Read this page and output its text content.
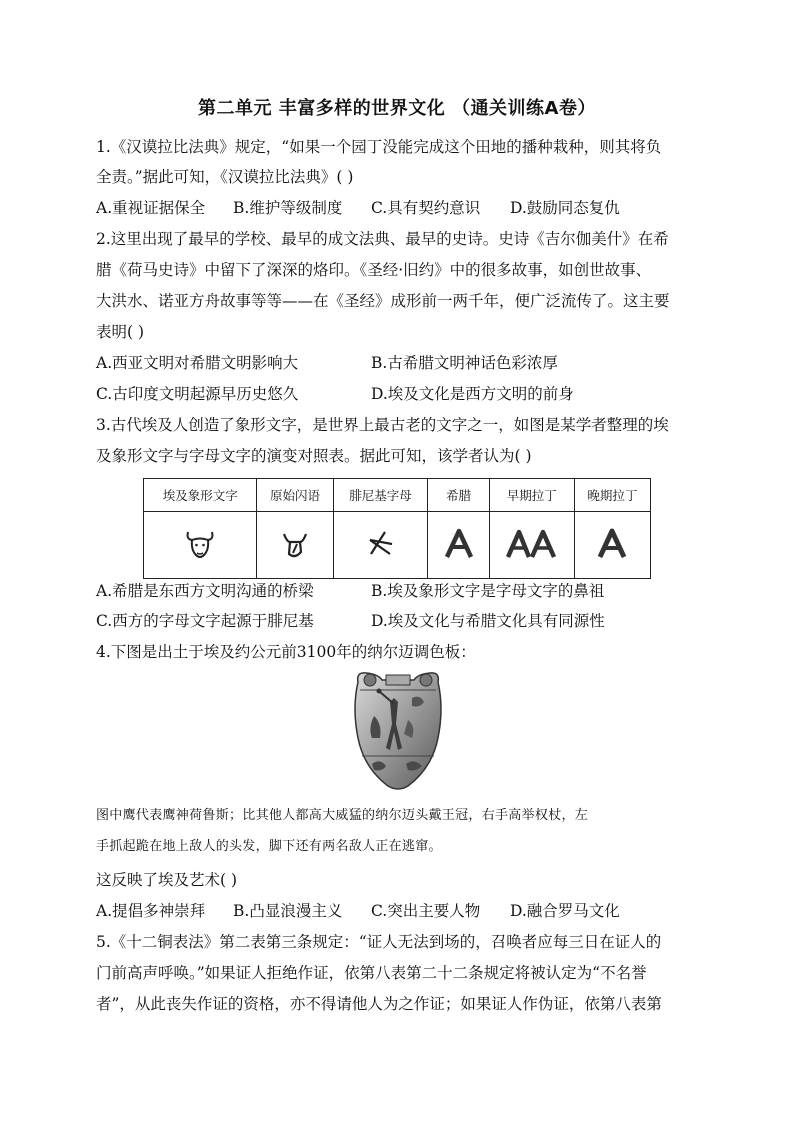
第二单元 丰富多样的世界文化 （通关训练A卷）
1.《汉谟拉比法典》规定，“如果一个园丁没能完成这个田地的播种栽种，则其将负
全责。”据此可知，《汉谟拉比法典》( )
A.重视证据保全 B.维护等级制度 C.具有契约意识 D.鼓励同态复仇
2.这里出现了最早的学校、最早的成文法典、最早的史诗。史诗《吉尔伽美什》在希
腊《荷马史诗》中留下了深深的烙印。《圣经·旧约》中的很多故事，如创世故事、
大洪水、诺亚方舟故事等等——在《圣经》成形前一两千年，便广泛流传了。这主要
表明( )
A.西亚文明对希腊文明影响大	B.古希腊文明神话色彩浓厚
C.古印度文明起源早历史悠久	D.埃及文化是西方文明的前身
3.古代埃及人创造了象形文字，是世界上最古老的文字之一，如图是某学者整理的埃
及象形文字与字母文字的演变对照表。据此可知，该学者认为( )
埃及象形文字	原始闪语	腓尼基字母	希腊	早期拉丁	晚期拉丁

A.希腊是东西方文明沟通的桥梁	B.埃及象形文字是字母文字的鼻祖
C.西方的字母文字起源于腓尼基	D.埃及文化与希腊文化具有同源性
4.下图是出土于埃及约公元前3100年的纳尔迈调色板：
图中鹰代表鹰神荷鲁斯；比其他人都高大威猛的纳尔迈头戴王冠，右手高举权杖，左
手抓起跪在地上敌人的头发，脚下还有两名敌人正在逃窜。
这反映了埃及艺术( )
A.提倡多神崇拜 B.凸显浪漫主义 C.突出主要人物 D.融合罗马文化
5.《十二铜表法》第二表第三条规定：“证人无法到场的，召唤者应每三日在证人的
门前高声呼唤。”如果证人拒绝作证，依第八表第二十二条规定将被认定为“不名誉
者”，从此丧失作证的资格，亦不得请他人为之作证；如果证人作伪证，依第八表第
